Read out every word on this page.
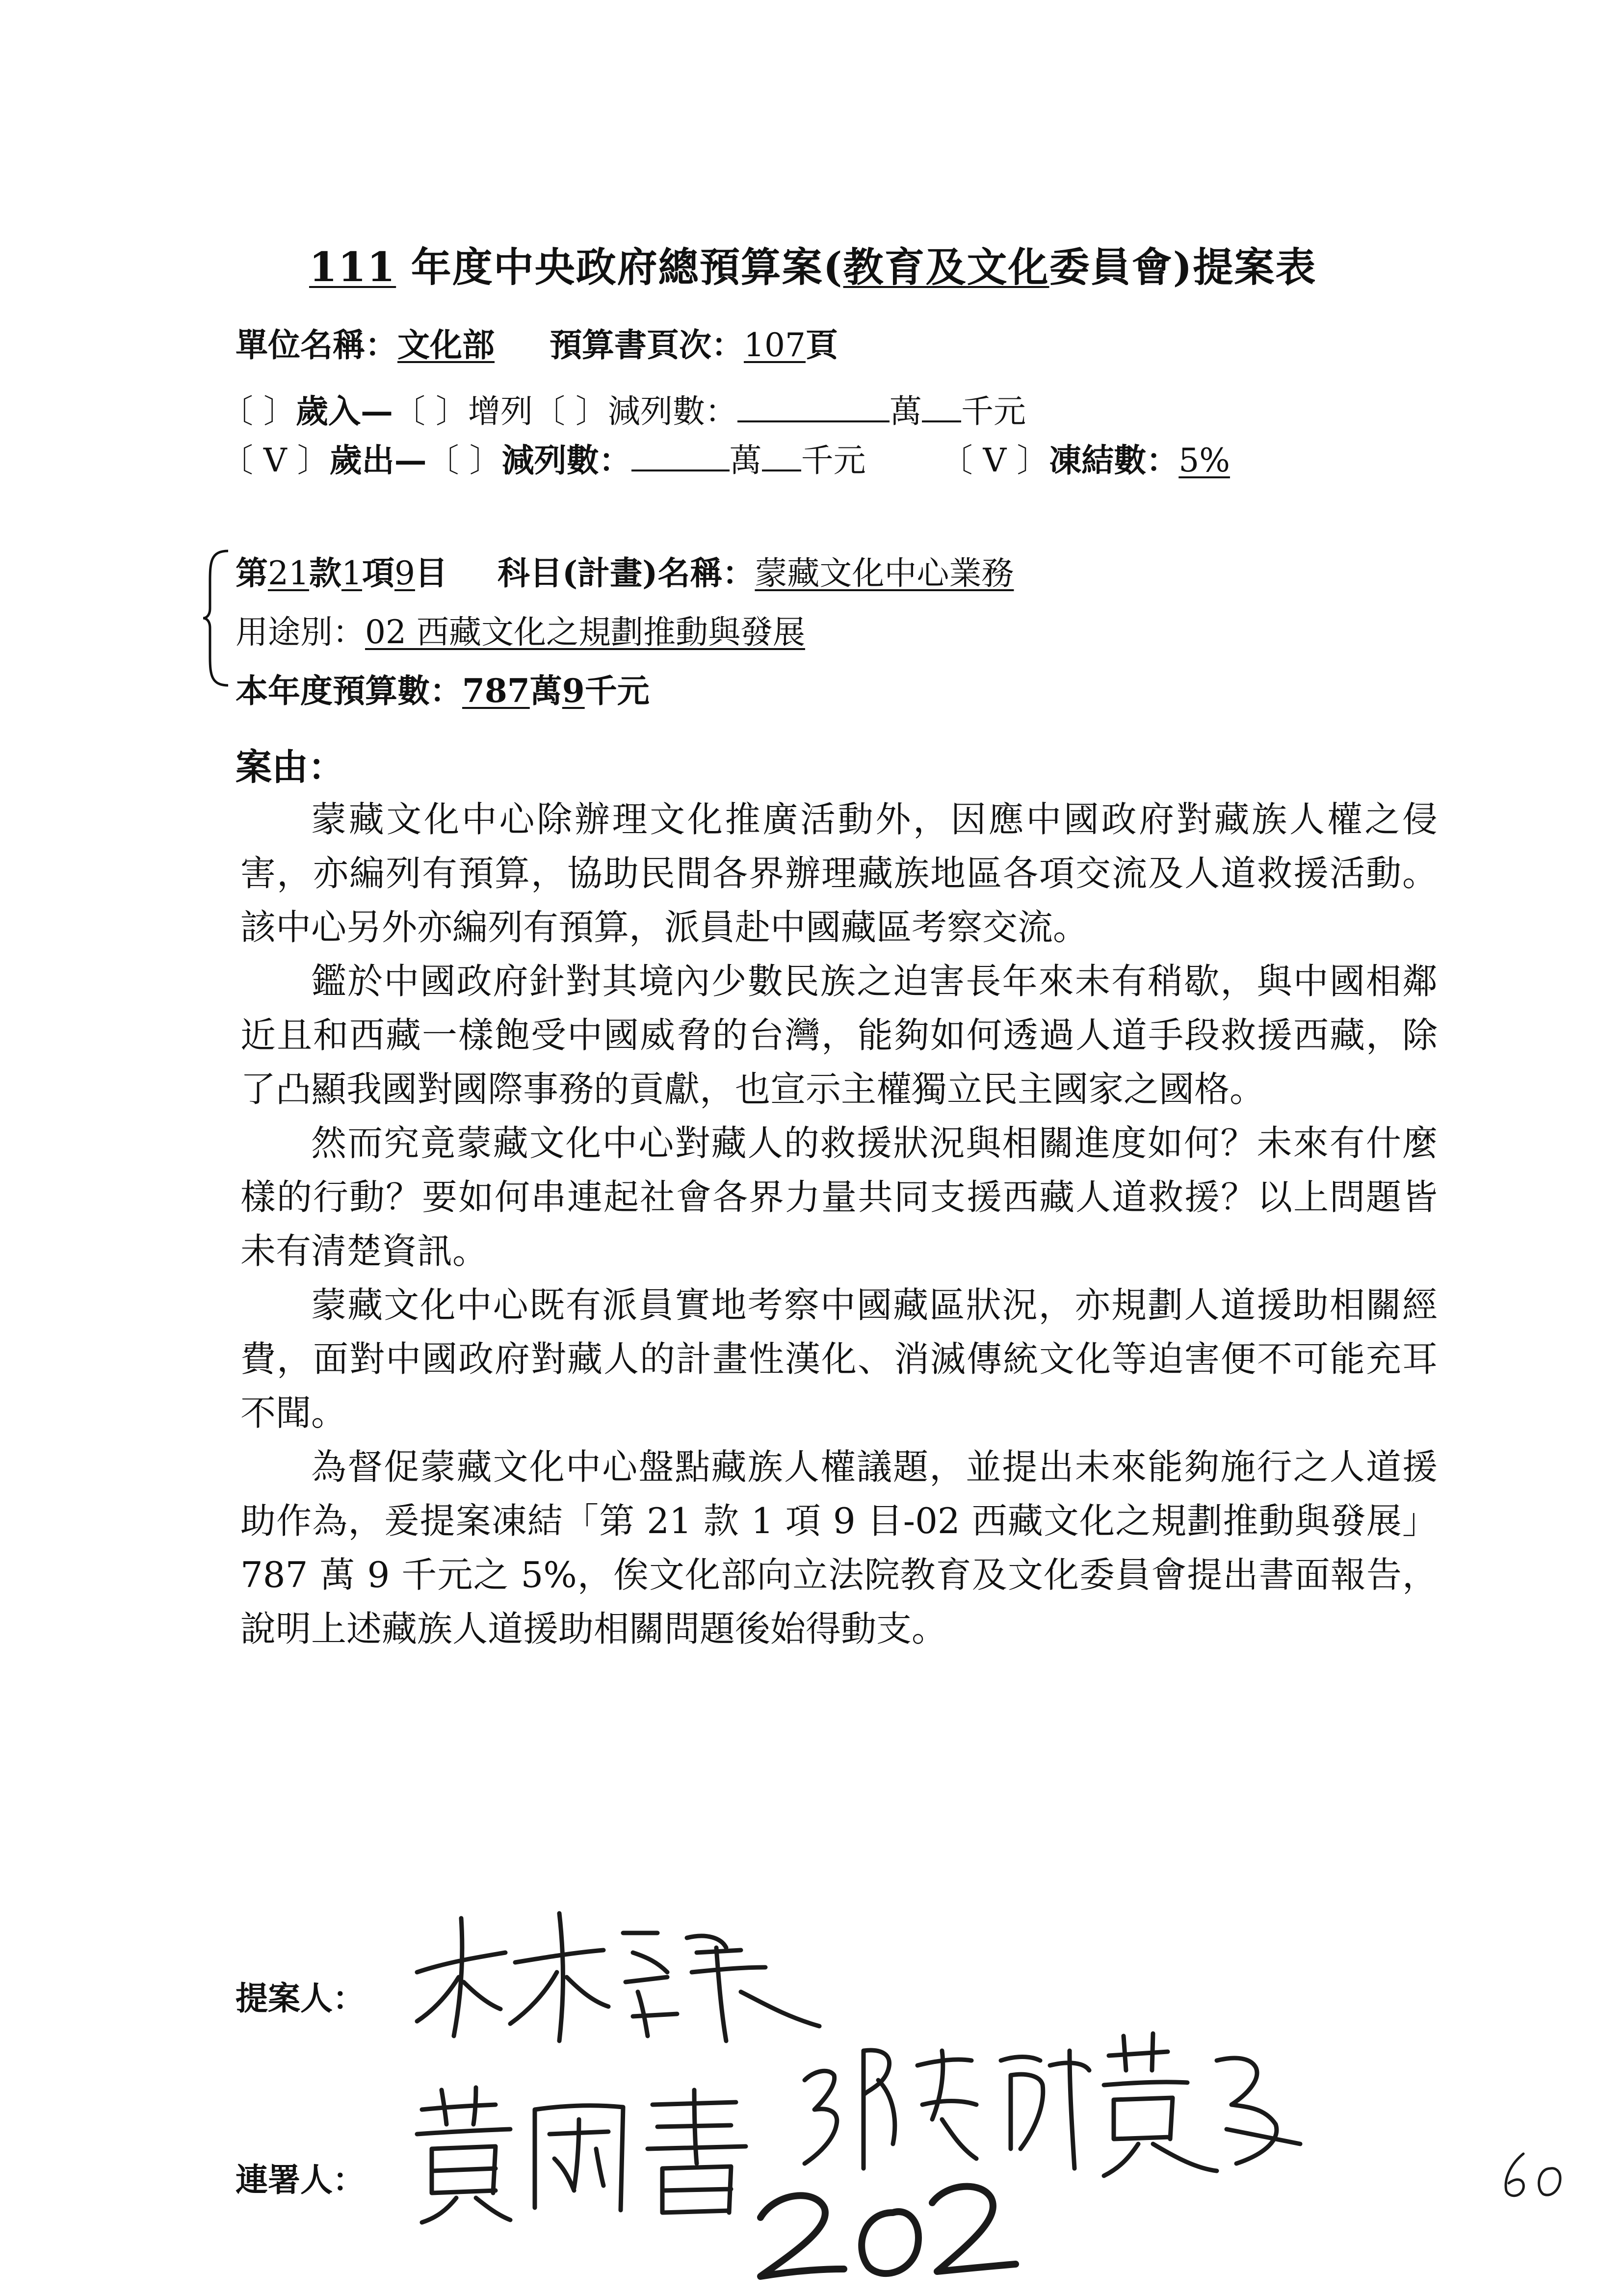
111 年度中央政府總預算案(教育及文化委員會)提案表
單位名稱：文化部 預算書頁次：107頁
〔 〕歲入—〔 〕增列〔 〕減列數：	萬 千元
〔 V 〕歲出—〔 〕減列數：	萬 千元 〔 V 〕凍結數：5%
第21款1項9目 科目(計畫)名稱：蒙藏文化中心業務
用途別：02 西藏文化之規劃推動與發展
本年度預算數：787萬9千元
案由：

蒙藏文化中心除辦理文化推廣活動外，因應中國政府對藏族人權之侵害，亦編列有預算，協助民間各界辦理藏族地區各項交流及人道救援活動。該中心另外亦編列有預算，派員赴中國藏區考察交流。

鑑於中國政府針對其境內少數民族之迫害長年來未有稍歇，與中國相鄰近且和西藏一樣飽受中國威脅的台灣，能夠如何透過人道手段救援西藏，除了凸顯我國對國際事務的貢獻，也宣示主權獨立民主國家之國格。

然而究竟蒙藏文化中心對藏人的救援狀況與相關進度如何？未來有什麼樣的行動？要如何串連起社會各界力量共同支援西藏人道救援？以上問題皆未有清楚資訊。

蒙藏文化中心既有派員實地考察中國藏區狀況，亦規劃人道援助相關經費，面對中國政府對藏人的計畫性漢化、消滅傳統文化等迫害便不可能充耳不聞。

為督促蒙藏文化中心盤點藏族人權議題，並提出未來能夠施行之人道援助作為，爰提案凍結「第 21 款 1 項 9 目-02 西藏文化之規劃推動與發展」787 萬 9 千元之 5%，俟文化部向立法院教育及文化委員會提出書面報告，說明上述藏族人道援助相關問題後始得動支。

提案人：
連署人：
